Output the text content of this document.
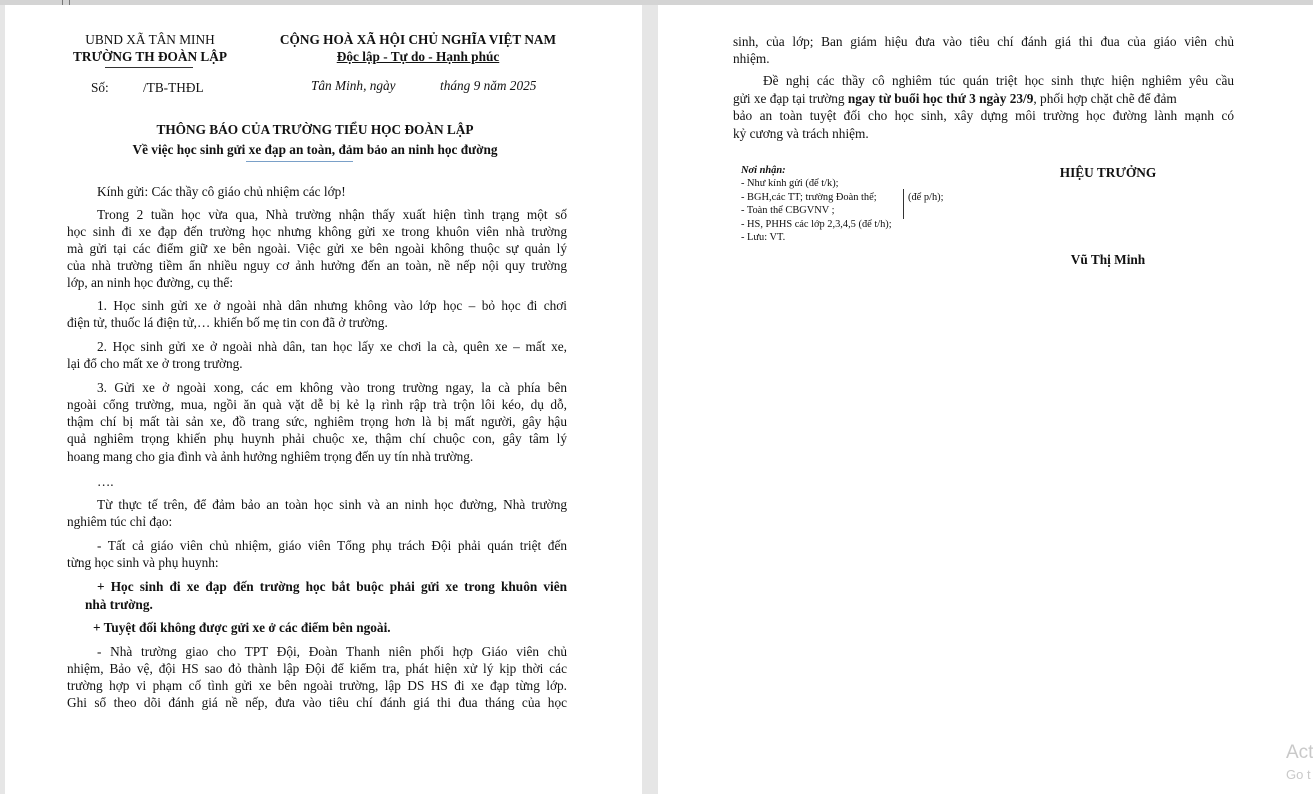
UBND XÃ TÂN MINH
TRƯỜNG TH ĐOÀN LẬP
CỘNG HOÀ XÃ HỘI CHỦ NGHĨA VIỆT NAM
Độc lập - Tự do - Hạnh phúc
Số:	/TB-THĐL	Tân Minh, ngày	tháng 9 năm 2025
THÔNG BÁO CỦA TRƯỜNG TIỂU HỌC ĐOÀN LẬP
Về việc học sinh gửi xe đạp an toàn, đảm bảo an ninh học đường
Kính gửi: Các thầy cô giáo chủ nhiệm các lớp!
Trong 2 tuần học vừa qua, Nhà trường nhận thấy xuất hiện tình trạng một số
học sinh đi xe đạp đến trường học nhưng không gửi xe trong khuôn viên nhà trường
mà gửi tại các điểm giữ xe bên ngoài. Việc gửi xe bên ngoài không thuộc sự quản lý
của nhà trường tiềm ẩn nhiều nguy cơ ảnh hưởng đến an toàn, nề nếp nội quy trường
lớp, an ninh học đường, cụ thể:
1. Học sinh gửi xe ở ngoài nhà dân nhưng không vào lớp học – bỏ học đi chơi
điện tử, thuốc lá điện tử,… khiến bố mẹ tin con đã ở trường.
2. Học sinh gửi xe ở ngoài nhà dân, tan học lấy xe chơi la cà, quên xe – mất xe,
lại đổ cho mất xe ở trong trường.
3. Gửi xe ở ngoài xong, các em không vào trong trường ngay, la cà phía bên
ngoài cổng trường, mua, ngồi ăn quà vặt dễ bị kẻ lạ rình rập trà trộn lôi kéo, dụ dỗ,
thậm chí bị mất tài sản xe, đồ trang sức, nghiêm trọng hơn là bị mất người, gây hậu
quả nghiêm trọng khiến phụ huynh phải chuộc xe, thậm chí chuộc con, gây tâm lý
hoang mang cho gia đình và ảnh hưởng nghiêm trọng đến uy tín nhà trường.
….
Từ thực tế trên, để đảm bảo an toàn học sinh và an ninh học đường, Nhà trường
nghiêm túc chỉ đạo:
- Tất cả giáo viên chủ nhiệm, giáo viên Tổng phụ trách Đội phải quán triệt đến
từng học sinh và phụ huynh:
+ Học sinh đi xe đạp đến trường học bắt buộc phải gửi xe trong khuôn viên
nhà trường.
+ Tuyệt đối không được gửi xe ở các điểm bên ngoài.
- Nhà trường giao cho TPT Đội, Đoàn Thanh niên phối hợp Giáo viên chủ
nhiệm, Bảo vệ, đội HS sao đỏ thành lập Đội để kiểm tra, phát hiện xử lý kịp thời các
trường hợp vi phạm cố tình gửi xe bên ngoài trường, lập DS HS đi xe đạp từng lớp.
Ghi sổ theo dõi đánh giá nề nếp, đưa vào tiêu chí đánh giá thi đua tháng của học
sinh, của lớp; Ban giám hiệu đưa vào tiêu chí đánh giá thi đua của giáo viên chủ
nhiệm.
Đề nghị các thầy cô nghiêm túc quán triệt học sinh thực hiện nghiêm yêu cầu
gửi xe đạp tại trường ngay từ buổi học thứ 3 ngày 23/9, phối hợp chặt chẽ để đảm
bảo an toàn tuyệt đối cho học sinh, xây dựng môi trường học đường lành mạnh có
kỷ cương và trách nhiệm.
Nơi nhận:
- Như kính gửi (để t/k);
- BGH,các TT; trường Đoàn thể;	(để p/h);
- Toàn thể CBGVNV ;
- HS, PHHS các lớp 2,3,4,5 (để t/h);
- Lưu: VT.
HIỆU TRƯỞNG
Vũ Thị Minh
Act
Go t
